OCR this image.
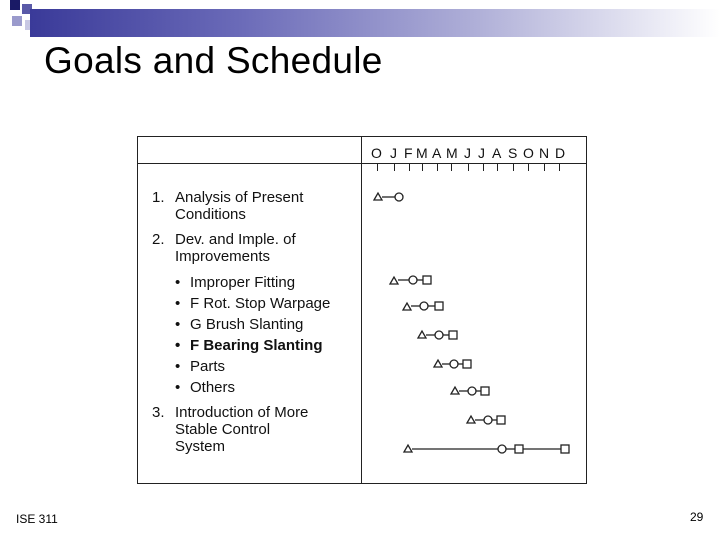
Goals and Schedule
O J F M A M J J A S O N D
1. Analysis of Present
Conditions
2. Dev. and Imple. of
Improvements
• Improper Fitting
• F Rot. Stop Warpage
• G Brush Slanting
• F Bearing Slanting
• Parts
• Others
3. Introduction of More
Stable Control
System
ISE 311	29
